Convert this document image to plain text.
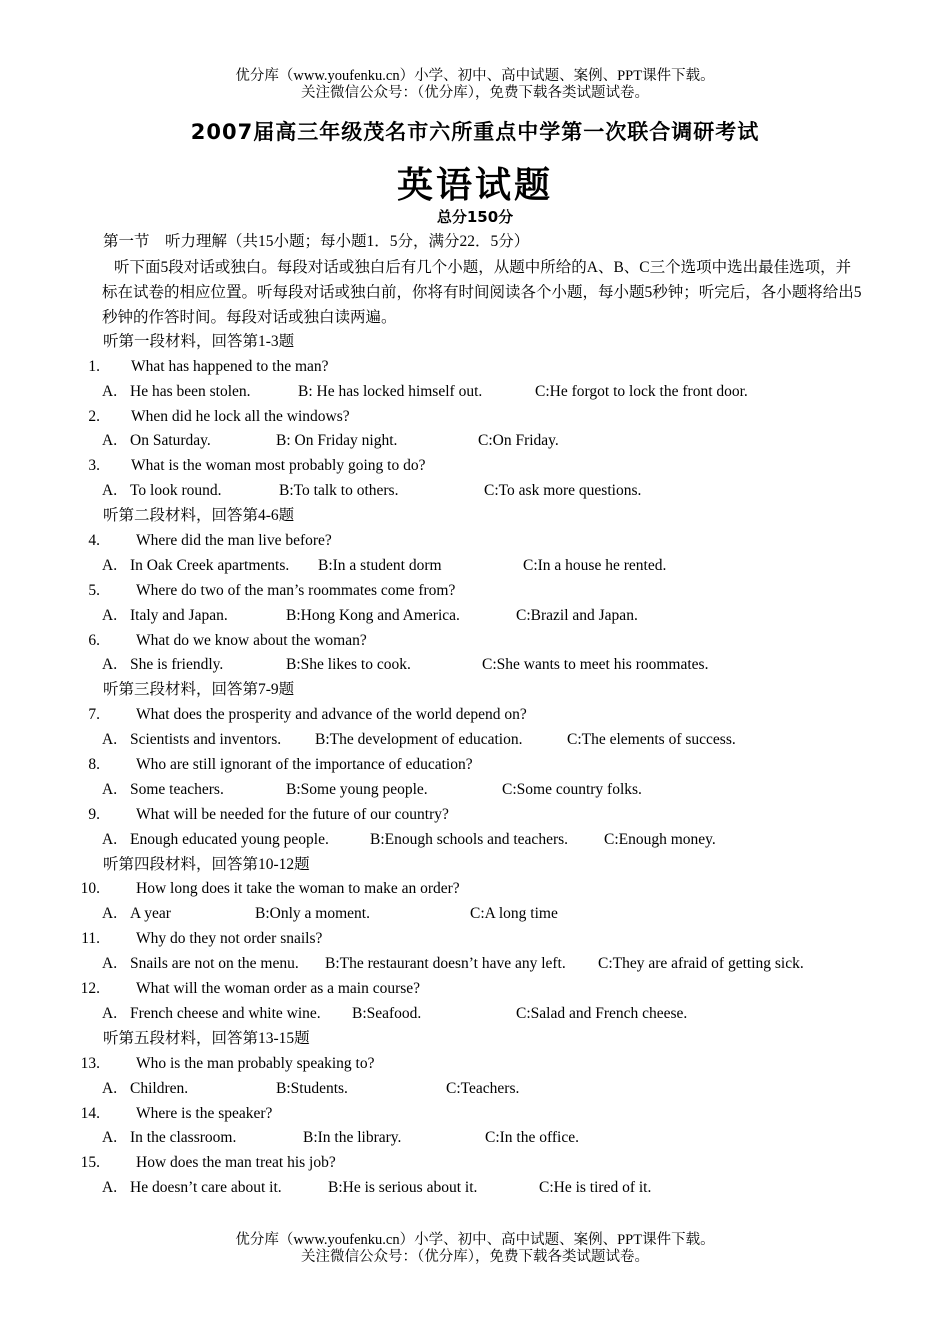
优分库（www.youfenku.cn）小学、初中、高中试题、案例、PPT课件下载。
关注微信公众号：（优分库），免费下载各类试题试卷。
2007届高三年级茂名市六所重点中学第一次联合调研考试
英语试题
总分150分
第一节　听力理解（共15小题；每小题1．5分，满分22．5分）
听下面5段对话或独白。每段对话或独白后有几个小题，从题中所给的A、B、C三个选项中选出最佳选项，并标在试卷的相应位置。听每段对话或独白前，你将有时间阅读各个小题，每小题5秒钟；听完后，各小题将给出5秒钟的作答时间。每段对话或独白读两遍。
听第一段材料，回答第1-3题
1. What has happened to the man?
A. He has been stolen.	B: He has locked himself out.	C:He forgot to lock the front door.
2. When did he lock all the windows?
A. On Saturday.	B: On Friday night.	C:On Friday.
3. What is the woman most probably going to do?
A. To look round.	B:To talk to others.	C:To ask more questions.
听第二段材料，回答第4-6题
4. Where did the man live before?
A. In Oak Creek apartments. B:In a student dorm	C:In a house he rented.
5. Where do two of the man’s roommates come from?
A. Italy and Japan.	B:Hong Kong and America.	C:Brazil and Japan.
6. What do we know about the woman?
A. She is friendly.	B:She likes to cook.	C:She wants to meet his roommates.
听第三段材料，回答第7-9题
7. What does the prosperity and advance of the world depend on?
A. Scientists and inventors. B:The development of education.	C:The elements of success.
8. Who are still ignorant of the importance of education?
A. Some teachers.	B:Some young people.	C:Some country folks.
9. What will be needed for the future of our country?
A. Enough educated young people.	B:Enough schools and teachers. C:Enough money.
听第四段材料，回答第10-12题
10. How long does it take the woman to make an order?
A. A year	B:Only a moment.	C:A long time
11. Why do they not order snails?
A. Snails are not on the menu. B:The restaurant doesn’t have any left. C:They are afraid of getting sick.
12. What will the woman order as a main course?
A. French cheese and white wine. B:Seafood.	C:Salad and French cheese.
听第五段材料，回答第13-15题
13. Who is the man probably speaking to?
A. Children.	B:Students.	C:Teachers.
14. Where is the speaker?
A. In the classroom.	B:In the library.	C:In the office.
15. How does the man treat his job?
A. He doesn’t care about it.	B:He is serious about it.	C:He is tired of it.
优分库（www.youfenku.cn）小学、初中、高中试题、案例、PPT课件下载。
关注微信公众号：（优分库），免费下载各类试题试卷。
